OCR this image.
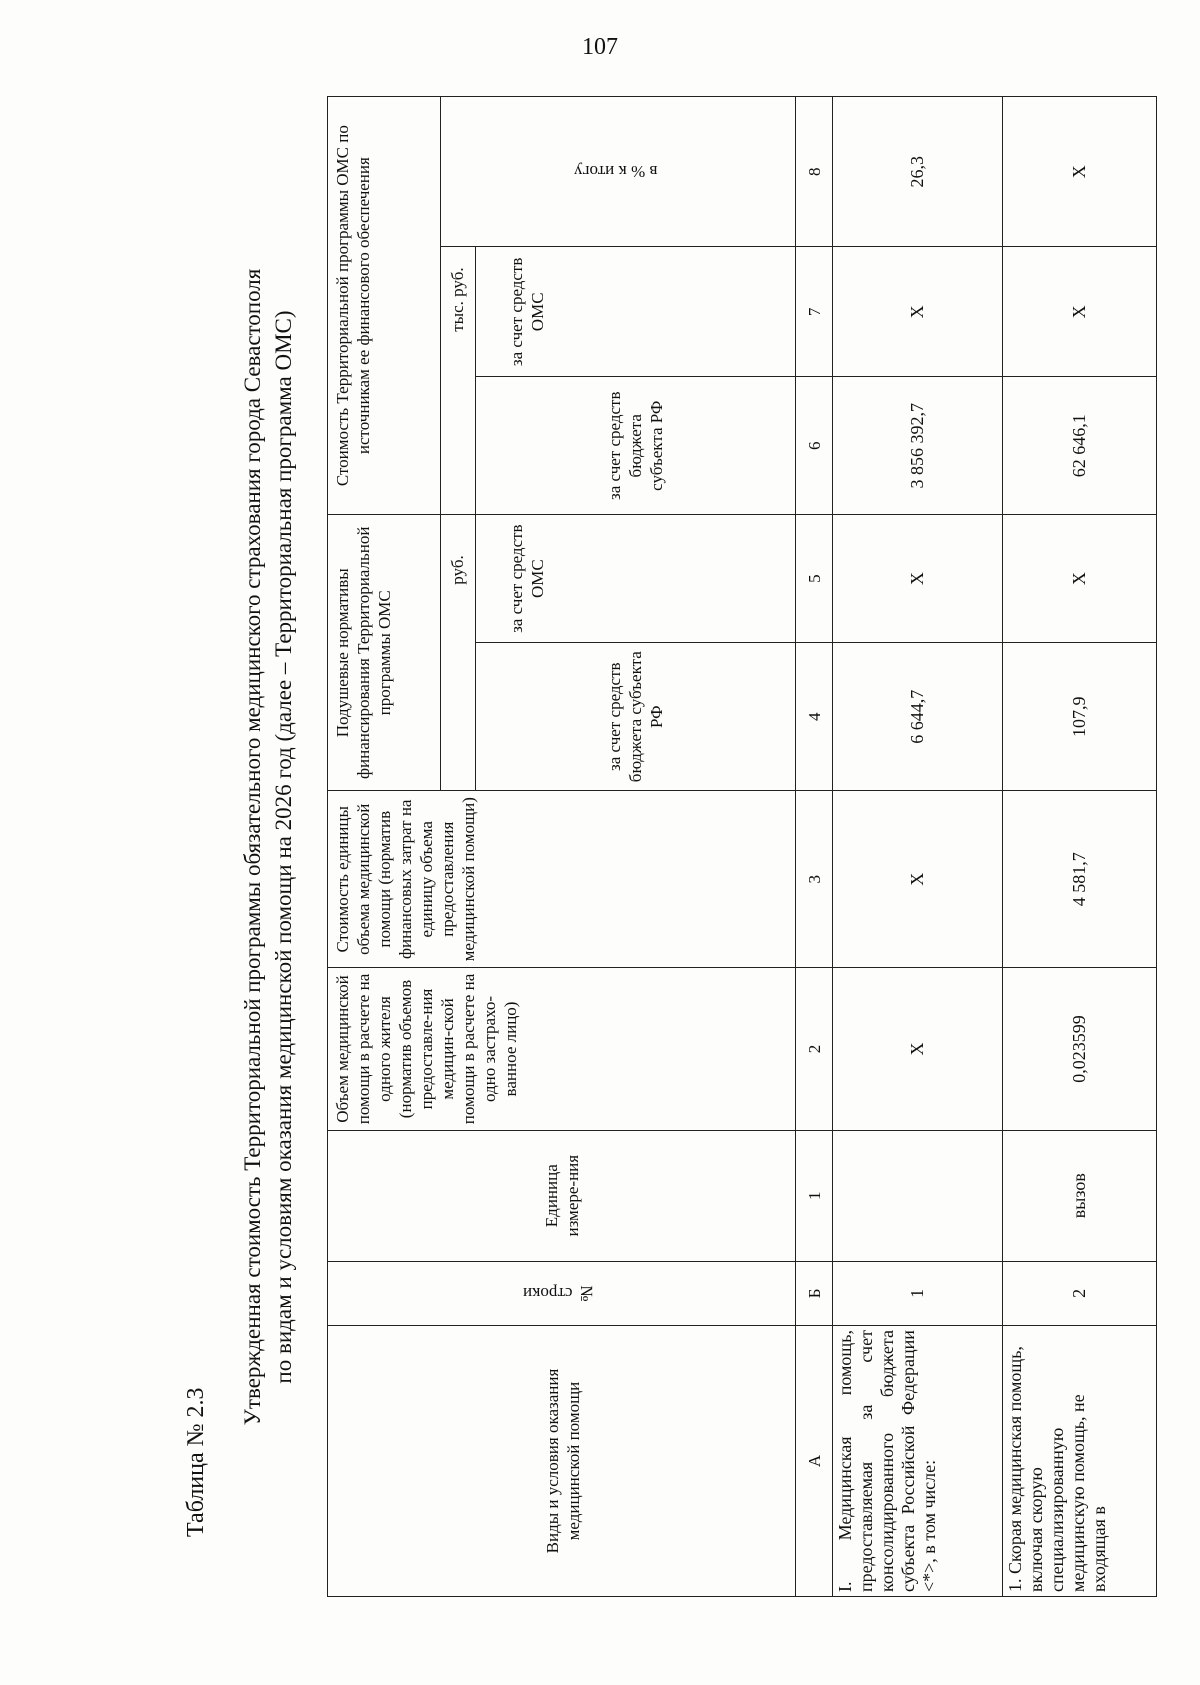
107
Таблица № 2.3
Утвержденная стоимость Территориальной программы обязательного медицинского страхования города Севастополя по видам и условиям оказания медицинской помощи на 2026 год (далее – Территориальная программа ОМС)
Виды и условия оказания медицинской помощи	№ строки	Единица измере-ния	Объем медицинской помощи в расчете на одного жителя (норматив объемов предоставле-ния медицин-ской помощи в расчете на одно застрахо-ванное лицо)	Стоимость единицы объема медицинской помощи (норматив финансовых затрат на единицу объема предоставления медицинской помощи)	Подушевые нормативы финансирования Территориальной программы ОМС		Стоимость Территориальной программы ОМС по источникам ее финансового обеспечения		
					руб.		тыс. руб.		в % к итогу
					за счет средств бюджета субъекта РФ	за счет средств ОМС	за счет средств бюджета субъекта РФ	за счет средств ОМС	
А	Б	1	2	3	4	5	6	7	8
I. Медицинская помощь, предоставляемая за счет консолидированного бюджета субъекта Российской Федерации <*>, в том числе:	1		X	X	6 644,7	X	3 856 392,7	X	26,3
1. Скорая медицинская помощь, включая скорую специализированную медицинскую помощь, не входящая в	2	вызов	0,023599	4 581,7	107,9	X	62 646,1	X	X
